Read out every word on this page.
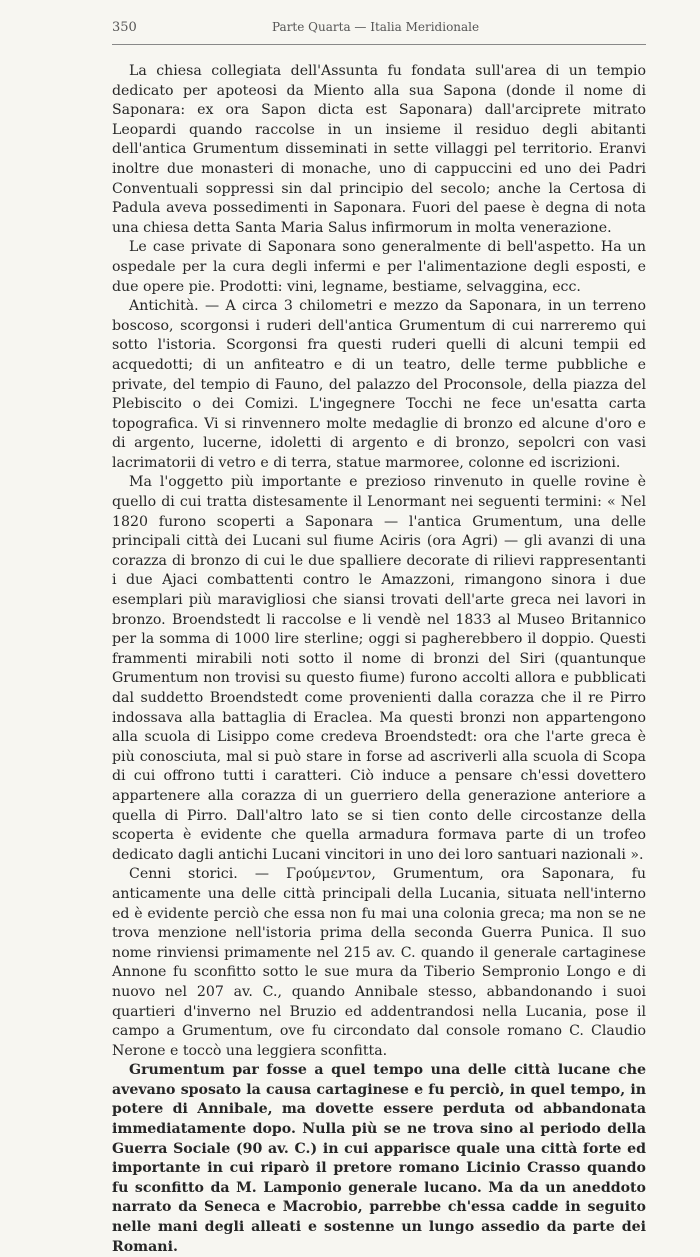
350	Parte Quarta — Italia Meridionale

La chiesa collegiata dell'Assunta fu fondata sull'area di un tempio dedicato per apoteosi da Miento alla sua Sapona (donde il nome di Saponara: ex ora Sapon dicta est Saponara) dall'arciprete mitrato Leopardi quando raccolse in un insieme il residuo degli abitanti dell'antica Grumentum disseminati in sette villaggi pel territorio. Eranvi inoltre due monasteri di monache, uno di cappuccini ed uno dei Padri Conventuali soppressi sin dal principio del secolo; anche la Certosa di Padula aveva possedimenti in Saponara. Fuori del paese è degna di nota una chiesa detta Santa Maria Salus infirmorum in molta venerazione.

Le case private di Saponara sono generalmente di bell'aspetto. Ha un ospedale per la cura degli infermi e per l'alimentazione degli esposti, e due opere pie. Prodotti: vini, legname, bestiame, selvaggina, ecc.

Antichità. — A circa 3 chilometri e mezzo da Saponara, in un terreno boscoso, scorgonsi i ruderi dell'antica Grumentum di cui narreremo qui sotto l'istoria. Scorgonsi fra questi ruderi quelli di alcuni tempii ed acquedotti; di un anfiteatro e di un teatro, delle terme pubbliche e private, del tempio di Fauno, del palazzo del Proconsole, della piazza del Plebiscito o dei Comizi. L'ingegnere Tocchi ne fece un'esatta carta topografica. Vi si rinvennero molte medaglie di bronzo ed alcune d'oro e di argento, lucerne, idoletti di argento e di bronzo, sepolcri con vasi lacrimatorii di vetro e di terra, statue marmoree, colonne ed iscrizioni.

Ma l'oggetto più importante e prezioso rinvenuto in quelle rovine è quello di cui tratta distesamente il Lenormant nei seguenti termini: « Nel 1820 furono scoperti a Saponara — l'antica Grumentum, una delle principali città dei Lucani sul fiume Aciris (ora Agri) — gli avanzi di una corazza di bronzo di cui le due spalliere decorate di rilievi rappresentanti i due Ajaci combattenti contro le Amazzoni, rimangono sinora i due esemplari più maravigliosi che siansi trovati dell'arte greca nei lavori in bronzo. Broendstedt li raccolse e li vendè nel 1833 al Museo Britannico per la somma di 1000 lire sterline; oggi si pagherebbero il doppio. Questi frammenti mirabili noti sotto il nome di bronzi del Siri (quantunque Grumentum non trovisi su questo fiume) furono accolti allora e pubblicati dal suddetto Broendstedt come provenienti dalla corazza che il re Pirro indossava alla battaglia di Eraclea. Ma questi bronzi non appartengono alla scuola di Lisippo come credeva Broendstedt: ora che l'arte greca è più conosciuta, mal si può stare in forse ad ascriverli alla scuola di Scopa di cui offrono tutti i caratteri. Ciò induce a pensare ch'essi dovettero appartenere alla corazza di un guerriero della generazione anteriore a quella di Pirro. Dall'altro lato se si tien conto delle circostanze della scoperta è evidente che quella armadura formava parte di un trofeo dedicato dagli antichi Lucani vincitori in uno dei loro santuari nazionali ».

Cenni storici. — Γρούμεντον, Grumentum, ora Saponara, fu anticamente una delle città principali della Lucania, situata nell'interno ed è evidente perciò che essa non fu mai una colonia greca; ma non se ne trova menzione nell'istoria prima della seconda Guerra Punica. Il suo nome rinviensi primamente nel 215 av. C. quando il generale cartaginese Annone fu sconfitto sotto le sue mura da Tiberio Sempronio Longo e di nuovo nel 207 av. C., quando Annibale stesso, abbandonando i suoi quartieri d'inverno nel Bruzio ed addentrandosi nella Lucania, pose il campo a Grumentum, ove fu circondato dal console romano C. Claudio Nerone e toccò una leggiera sconfitta.

Grumentum par fosse a quel tempo una delle città lucane che avevano sposato la causa cartaginese e fu perciò, in quel tempo, in potere di Annibale, ma dovette essere perduta od abbandonata immediatamente dopo. Nulla più se ne trova sino al periodo della Guerra Sociale (90 av. C.) in cui apparisce quale una città forte ed importante in cui riparò il pretore romano Licinio Crasso quando fu sconfitto da M. Lamponio generale lucano. Ma da un aneddoto narrato da Seneca e Macrobio, parrebbe ch'essa cadde in seguito nelle mani degli alleati e sostenne un lungo assedio da parte dei Romani.
